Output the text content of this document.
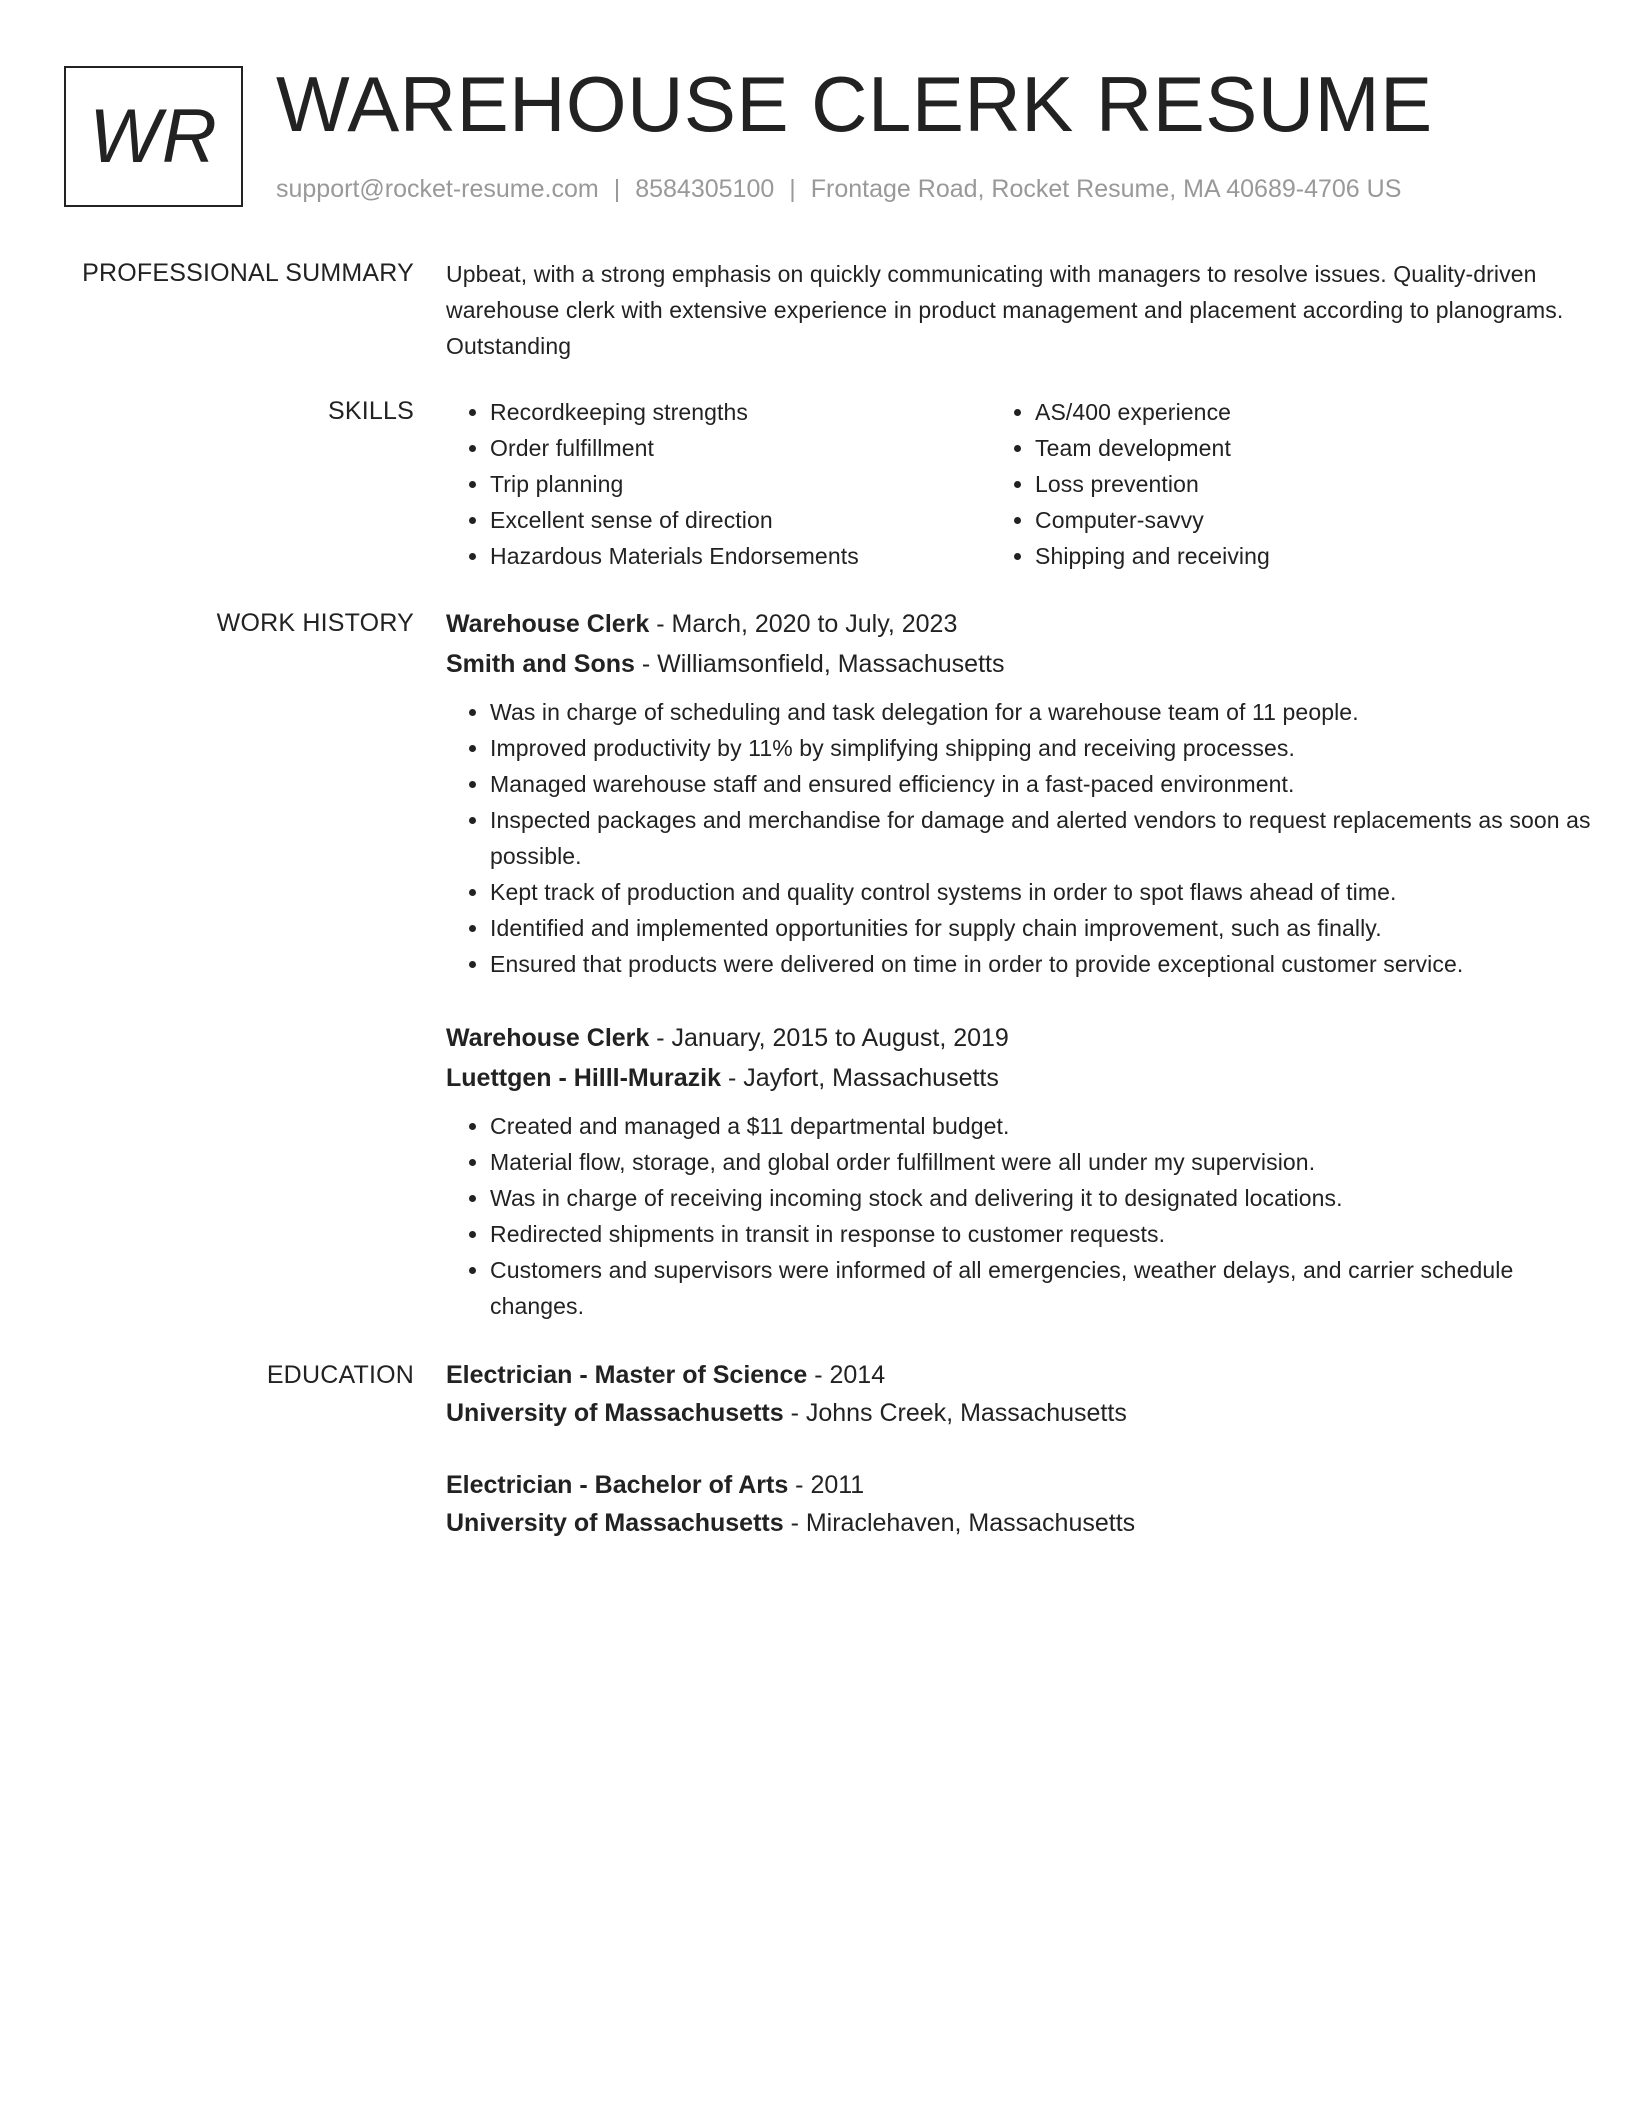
WR WAREHOUSE CLERK RESUME
support@rocket-resume.com | 8584305100 | Frontage Road, Rocket Resume, MA 40689-4706 US
PROFESSIONAL SUMMARY Upbeat, with a strong emphasis on quickly communicating with managers to resolve issues. Quality-driven warehouse clerk with extensive experience in product management and placement according to planograms. Outstanding

SKILLS
•	Recordkeeping strengths
• Order fulfillment
• Trip planning
• Excellent sense of direction
• Hazardous Materials Endorsements
• AS/400 experience
• Team development
• Loss prevention
• Computer-savvy
• Shipping and receiving
WORK HISTORY Warehouse Clerk - March, 2020 to July, 2023
Smith and Sons - Williamsonfield, Massachusetts
• Was in charge of scheduling and task delegation for a warehouse team of 11 people.
• Improved productivity by 11% by simplifying shipping and receiving processes.
• Managed warehouse staff and ensured efficiency in a fast-paced environment.
• Inspected packages and merchandise for damage and alerted vendors to request replacements as soon as possible.
• Kept track of production and quality control systems in order to spot flaws ahead of time.
• Identified and implemented opportunities for supply chain improvement, such as finally.
• Ensured that products were delivered on time in order to provide exceptional customer service.
Warehouse Clerk - January, 2015 to August, 2019
Luettgen - Hilll-Murazik - Jayfort, Massachusetts
• Created and managed a $11 departmental budget.
• Material flow, storage, and global order fulfillment were all under my supervision.
• Was in charge of receiving incoming stock and delivering it to designated locations.
• Redirected shipments in transit in response to customer requests.
• Customers and supervisors were informed of all emergencies, weather delays, and carrier schedule changes.
EDUCATION Electrician - Master of Science - 2014
University of Massachusetts - Johns Creek, Massachusetts
Electrician - Bachelor of Arts - 2011
University of Massachusetts - Miraclehaven, Massachusetts
